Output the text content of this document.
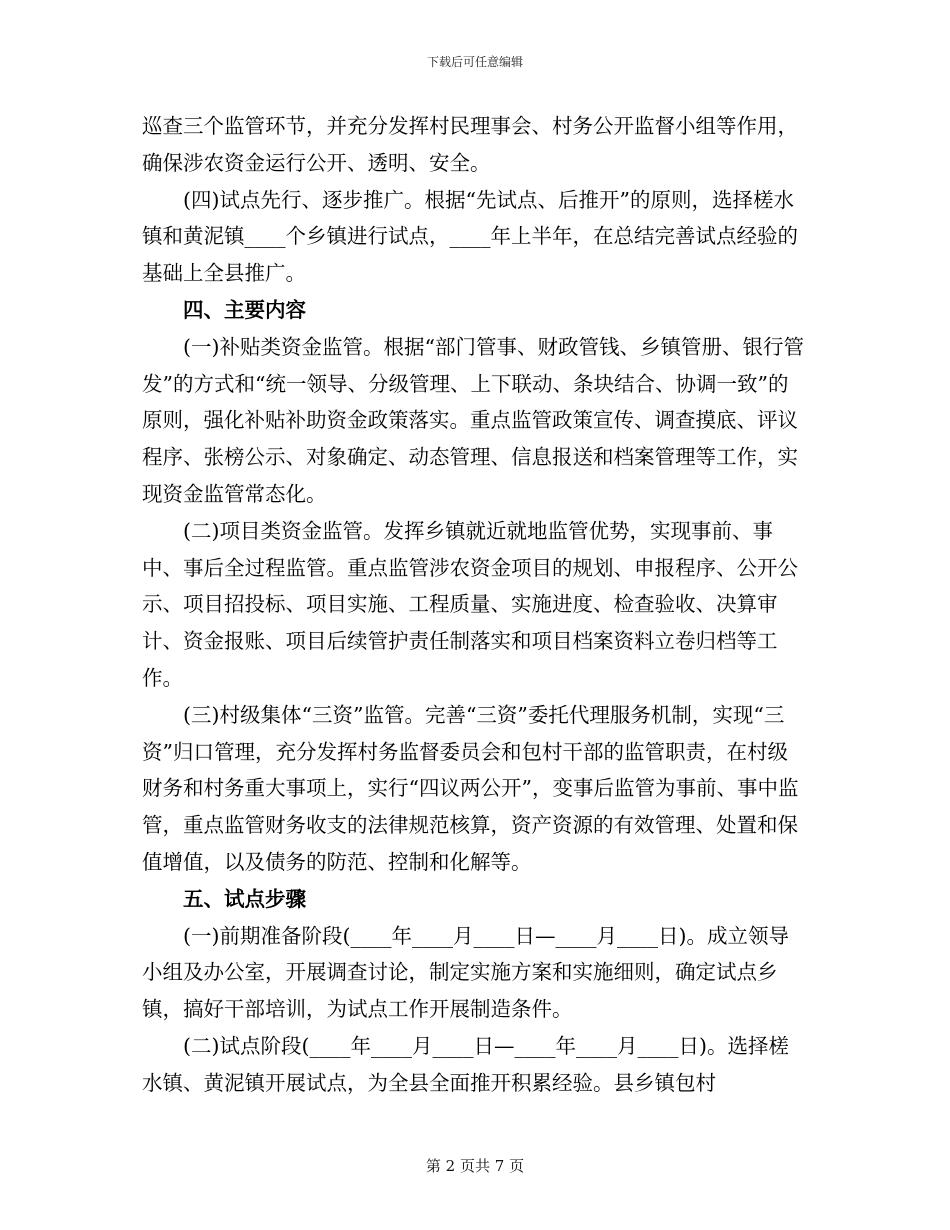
下载后可任意编辑

巡查三个监管环节，并充分发挥村民理事会、村务公开监督小组等作用，确保涉农资金运行公开、透明、安全。

(四)试点先行、逐步推广。根据“先试点、后推开”的原则，选择槎水镇和黄泥镇____个乡镇进行试点，____年上半年，在总结完善试点经验的基础上全县推广。

四、主要内容

(一)补贴类资金监管。根据“部门管事、财政管钱、乡镇管册、银行管发”的方式和“统一领导、分级管理、上下联动、条块结合、协调一致”的原则，强化补贴补助资金政策落实。重点监管政策宣传、调查摸底、评议程序、张榜公示、对象确定、动态管理、信息报送和档案管理等工作，实现资金监管常态化。

(二)项目类资金监管。发挥乡镇就近就地监管优势，实现事前、事中、事后全过程监管。重点监管涉农资金项目的规划、申报程序、公开公示、项目招投标、项目实施、工程质量、实施进度、检查验收、决算审计、资金报账、项目后续管护责任制落实和项目档案资料立卷归档等工作。

(三)村级集体“三资”监管。完善“三资”委托代理服务机制，实现“三资”归口管理，充分发挥村务监督委员会和包村干部的监管职责，在村级财务和村务重大事项上，实行“四议两公开”，变事后监管为事前、事中监管，重点监管财务收支的法律规范核算，资产资源的有效管理、处置和保值增值，以及债务的防范、控制和化解等。

五、试点步骤

(一)前期准备阶段(____年____月____日—____月____日)。成立领导小组及办公室，开展调查讨论，制定实施方案和实施细则，确定试点乡镇，搞好干部培训，为试点工作开展制造条件。

(二)试点阶段(____年____月____日—____年____月____日)。选择槎水镇、黄泥镇开展试点，为全县全面推开积累经验。县乡镇包村

第 2 页共 7 页
